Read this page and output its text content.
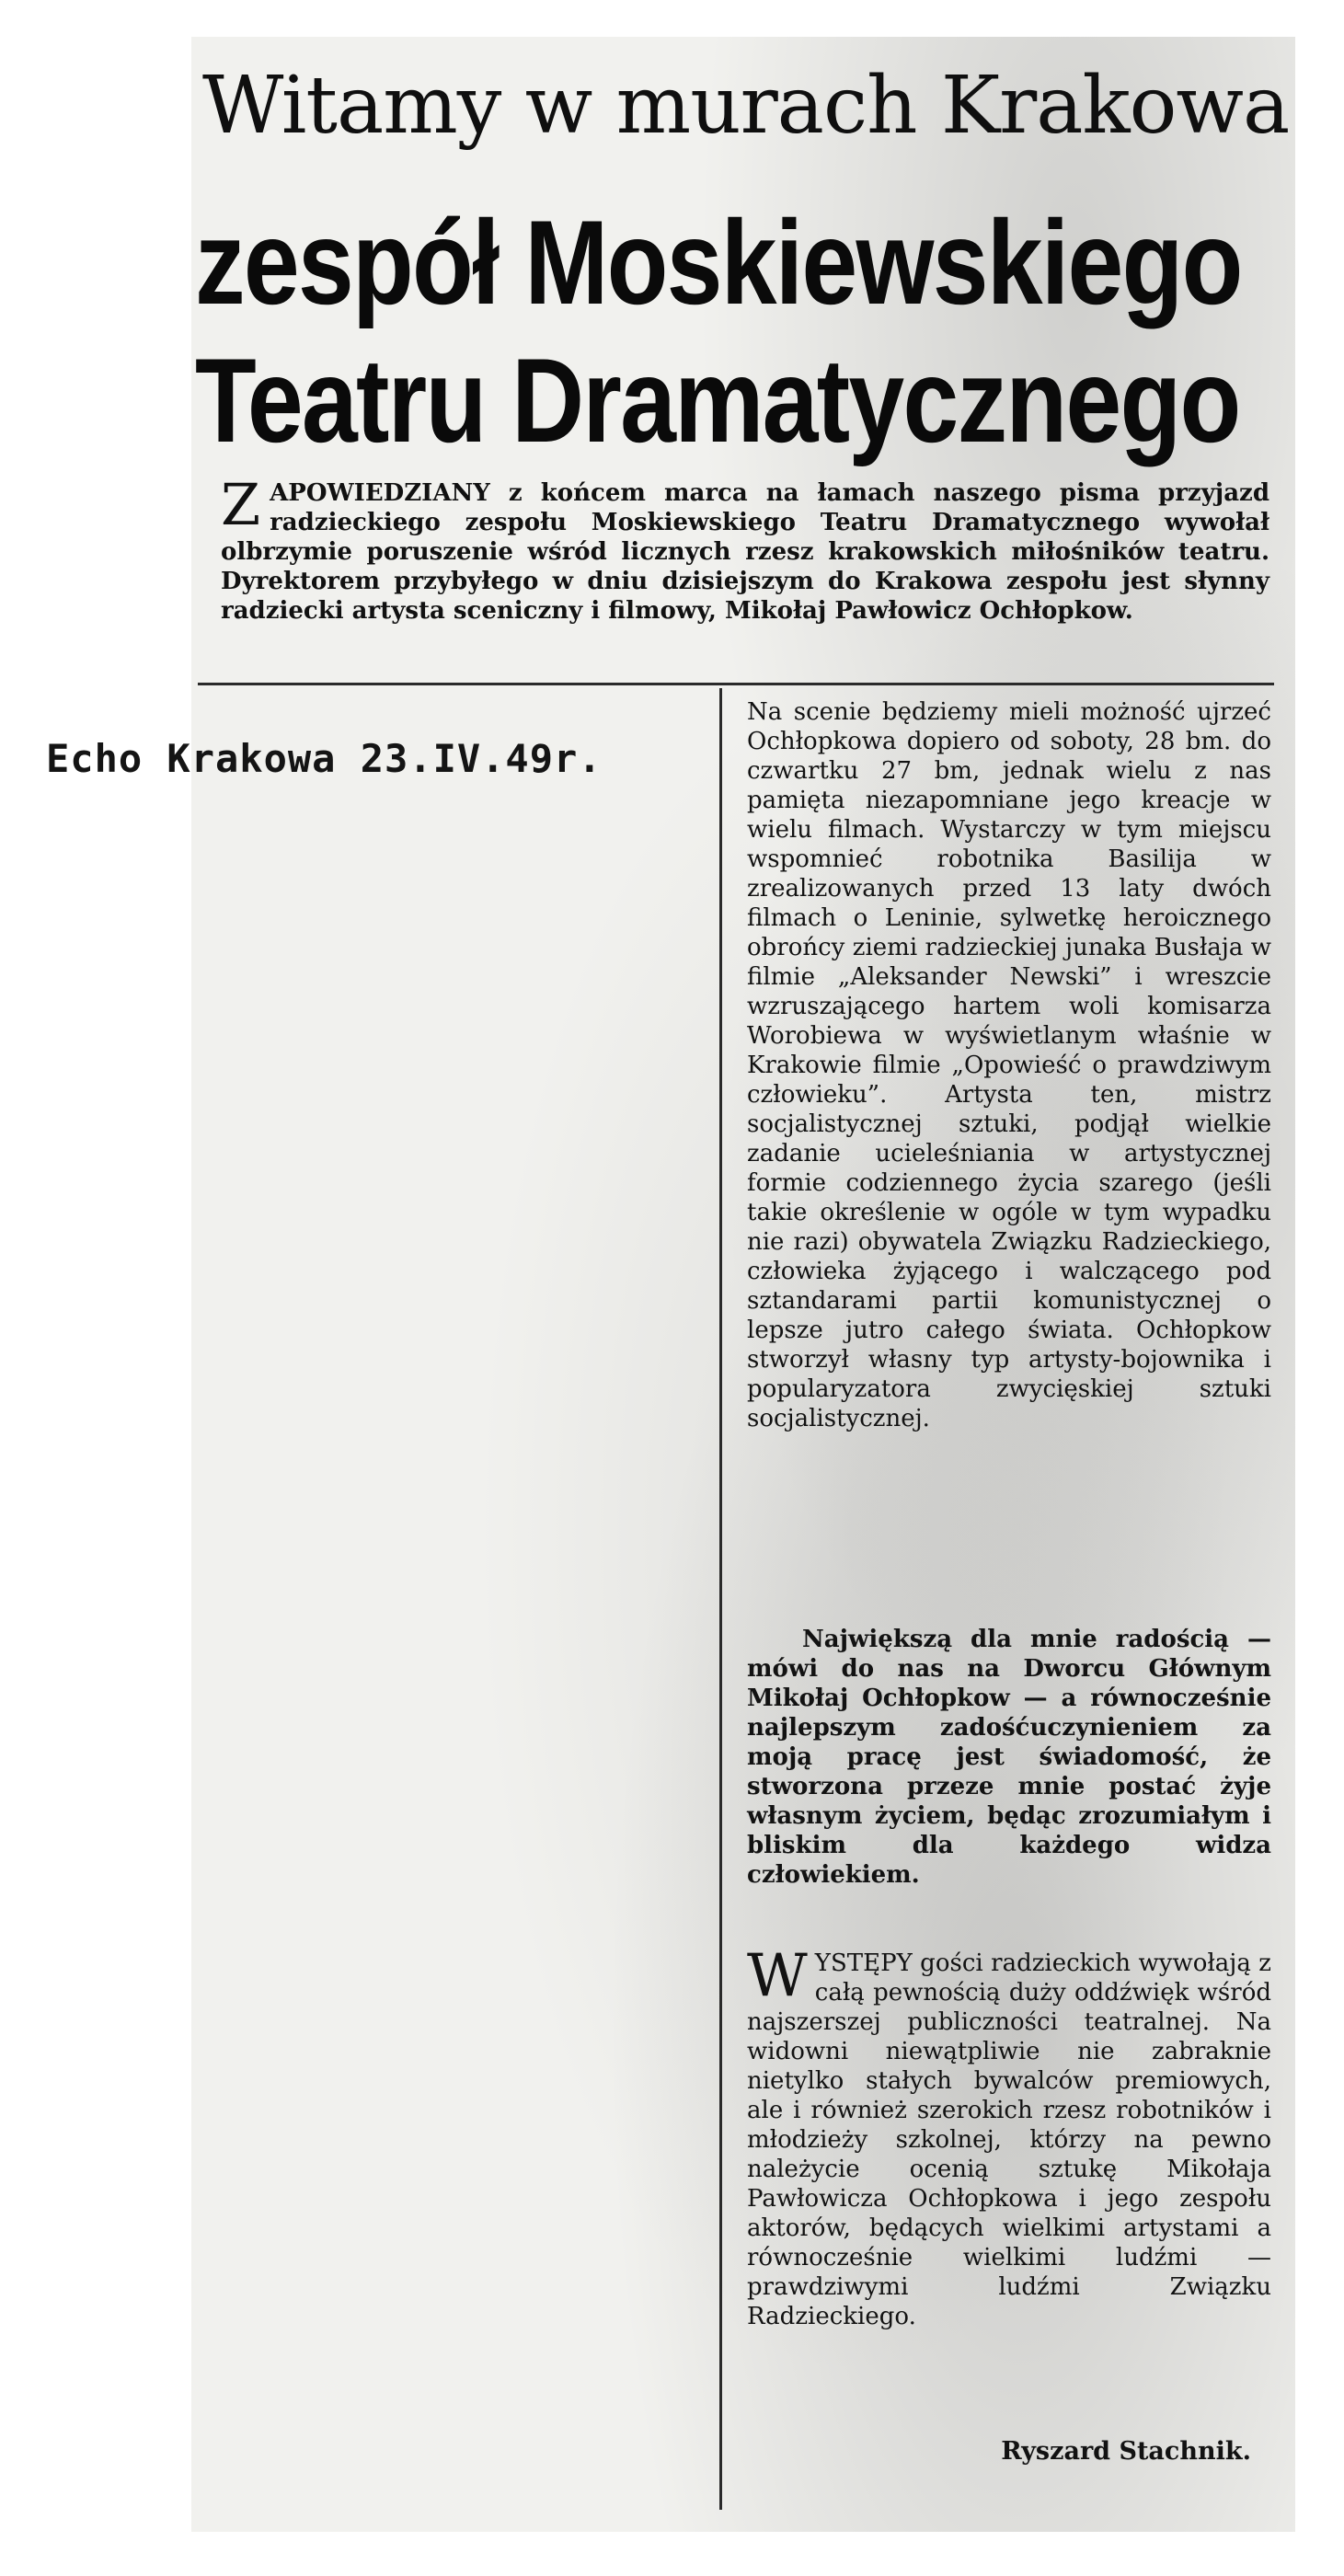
Witamy w murach Krakowa
zespół Moskiewskiego
Teatru Dramatycznego
ZAPOWIEDZIANY z końcem marca na łamach naszego pisma przyjazd radzieckiego zespołu Moskiewskiego Teatru Dramatycznego wywołał olbrzymie poruszenie wśród licznych rzesz krakowskich miłośników teatru. Dyrektorem przybyłego w dniu dzisiejszym do Krakowa zespołu jest słynny radziecki artysta sceniczny i filmowy, Mikołaj Pawłowicz Ochłopkow.
Echo Krakowa 23.IV.49r.
Na scenie będziemy mieli możność ujrzeć Ochłopkowa dopiero od soboty, 28 bm. do czwartku 27 bm, jednak wielu z nas pamięta niezapomniane jego kreacje w wielu filmach. Wystarczy w tym miejscu wspomnieć robotnika Basilija w zrealizowanych przed 13 laty dwóch filmach o Leninie, sylwetkę heroicznego obrońcy ziemi radzieckiej junaka Busłaja w filmie „Aleksander Newski” i wreszcie wzruszającego hartem woli komisarza Worobiewa w wyświetlanym właśnie w Krakowie filmie „Opowieść o prawdziwym człowieku”. Artysta ten, mistrz socjalistycznej sztuki, podjął wielkie zadanie ucieleśniania w artystycznej formie codziennego życia szarego (jeśli takie określenie w ogóle w tym wypadku nie razi) obywatela Związku Radzieckiego, człowieka żyjącego i walczącego pod sztandarami partii komunistycznej o lepsze jutro całego świata. Ochłopkow stworzył własny typ artysty-bojownika i popularyzatora zwycięskiej sztuki socjalistycznej.
Największą dla mnie radością — mówi do nas na Dworcu Głównym Mikołaj Ochłopkow — a równocześnie najlepszym zadośćuczynieniem za moją pracę jest świadomość, że stworzona przeze mnie postać żyje własnym życiem, będąc zrozumiałym i bliskim dla każdego widza człowiekiem.
WYSTĘPY gości radzieckich wywołają z całą pewnością duży oddźwięk wśród najszerszej publiczności teatralnej. Na widowni niewątpliwie nie zabraknie nietylko stałych bywalców premiowych, ale i również szerokich rzesz robotników i młodzieży szkolnej, którzy na pewno należycie ocenią sztukę Mikołaja Pawłowicza Ochłopkowa i jego zespołu aktorów, będących wielkimi artystami a równocześnie wielkimi ludźmi — prawdziwymi ludźmi Związku Radzieckiego.
Ryszard Stachnik.
